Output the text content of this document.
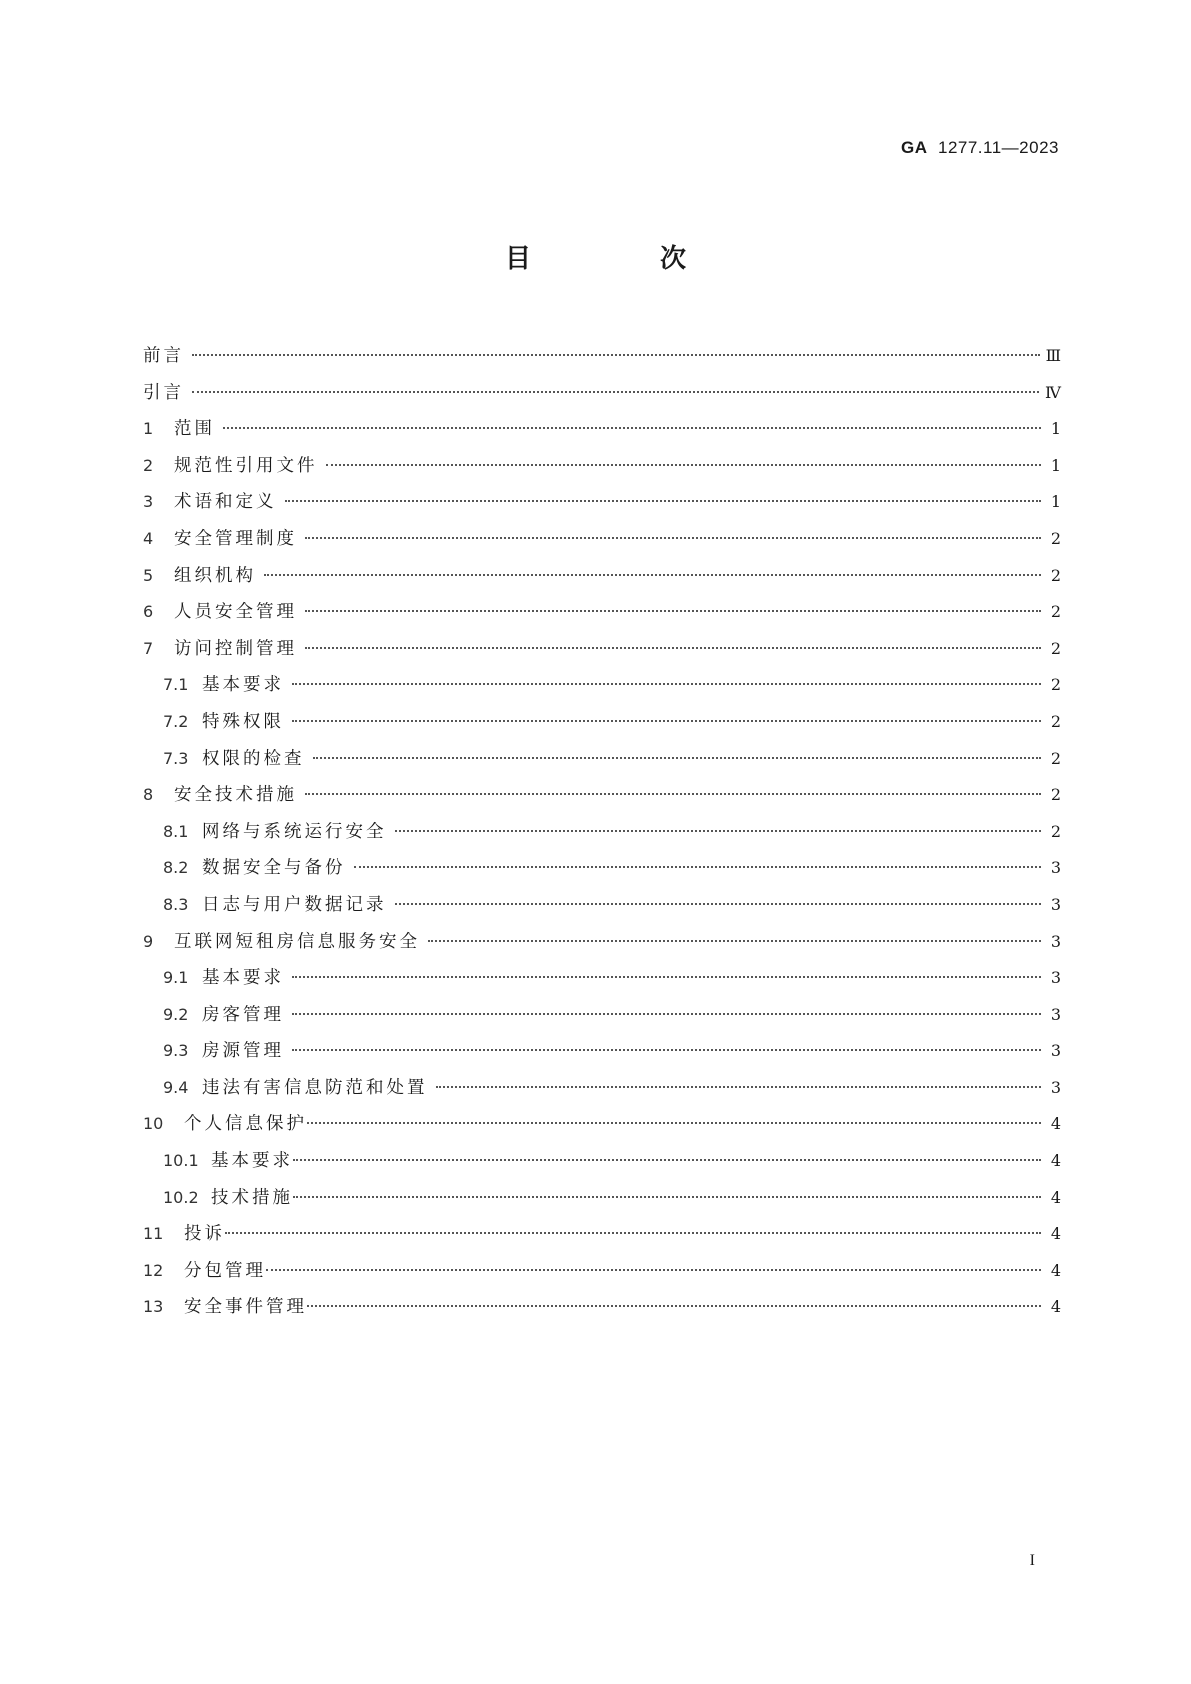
GA 1277.11—2023
目 次
前言	Ⅲ
引言	Ⅳ
1	范围	1
2	规范性引用文件	1
3	术语和定义	1
4	安全管理制度	2
5	组织机构	2
6	人员安全管理	2
7	访问控制管理	2
7.1 基本要求	2
7.2 特殊权限	2
7.3 权限的检查	2
8	安全技术措施	2
8.1 网络与系统运行安全	2
8.2 数据安全与备份	3
8.3 日志与用户数据记录	3
9	互联网短租房信息服务安全	3
9.1 基本要求	3
9.2 房客管理	3
9.3 房源管理	3
9.4 违法有害信息防范和处置	3
10	个人信息保护	4
10.1 基本要求	4
10.2 技术措施	4
11	投诉	4
12	分包管理	4
13	安全事件管理	4
I
